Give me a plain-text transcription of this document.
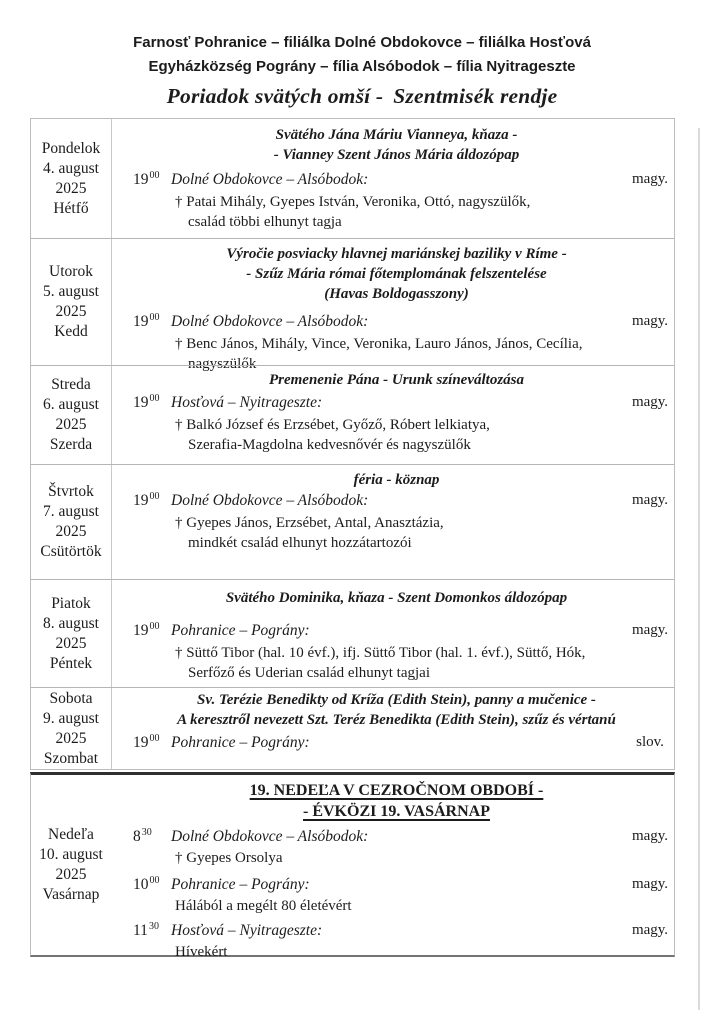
Farnosť Pohranice – filiálka Dolné Obdokovce – filiálka Hosťová
Egyházközség Pográny – fília Alsóbodok – fília Nyitrageszte
Poriadok svätých omší - Szentmisék rendje
Pondelok
4. august
2025
Hétfő
Svätého Jána Máriu Vianneya, kňaza -
- Vianney Szent János Mária áldozópap
$19^{00}$ Dolné Obdokovce – Alsóbodok:
† Patai Mihály, Gyepes István, Veronika, Ottó, nagyszülők,
család többi elhunyt tagja
magy.
Utorok
5. august
2025
Kedd
Výročie posviacky hlavnej mariánskej baziliky v Ríme -
- Szűz Mária római főtemplomának felszentelése
(Havas Boldogasszony)
$19^{00}$ Dolné Obdokovce – Alsóbodok:
† Benc János, Mihály, Vince, Veronika, Lauro János, János, Cecília,
nagyszülők
magy.
Streda
6. august
2025
Szerda
Premenenie Pána - Urunk színeváltozása
$19^{00}$ Hosťová – Nyitrageszte:
† Balkó József és Erzsébet, Győző, Róbert lelkiatya,
Szerafia-Magdolna kedvesnővér és nagyszülők
magy.
Štvrtok
7. august
2025
Csütörtök
féria - köznap
$19^{00}$ Dolné Obdokovce – Alsóbodok:
† Gyepes János, Erzsébet, Antal, Anasztázia,
mindkét család elhunyt hozzátartozói
magy.
Piatok
8. august
2025
Péntek
Svätého Dominika, kňaza - Szent Domonkos áldozópap
$19^{00}$ Pohranice – Pográny:
† Süttő Tibor (hal. 10 évf.), ifj. Süttő Tibor (hal. 1. évf.), Süttő, Hók,
Serfőző és Uderian család elhunyt tagjai
magy.
Sobota
9. august
2025
Szombat
Sv. Terézie Benedikty od Kríža (Edith Stein), panny a mučenice -
A keresztről nevezett Szt. Teréz Benedikta (Edith Stein), szűz és vértanú
$19^{00}$ Pohranice – Pográny:	slov.
19. NEDEĽA V CEZROČNOM OBDOBÍ -
- ÉVKÖZI 19. VASÁRNAP
Nedeľa
10. august
2025
Vasárnap
$8^{30}$ Dolné Obdokovce – Alsóbodok:
† Gyepes Orsolya
magy.
$10^{00}$ Pohranice – Pográny:
Hálából a megélt 80 életévért
magy.
$11^{30}$ Hosťová – Nyitrageszte:
Hívekért
magy.
